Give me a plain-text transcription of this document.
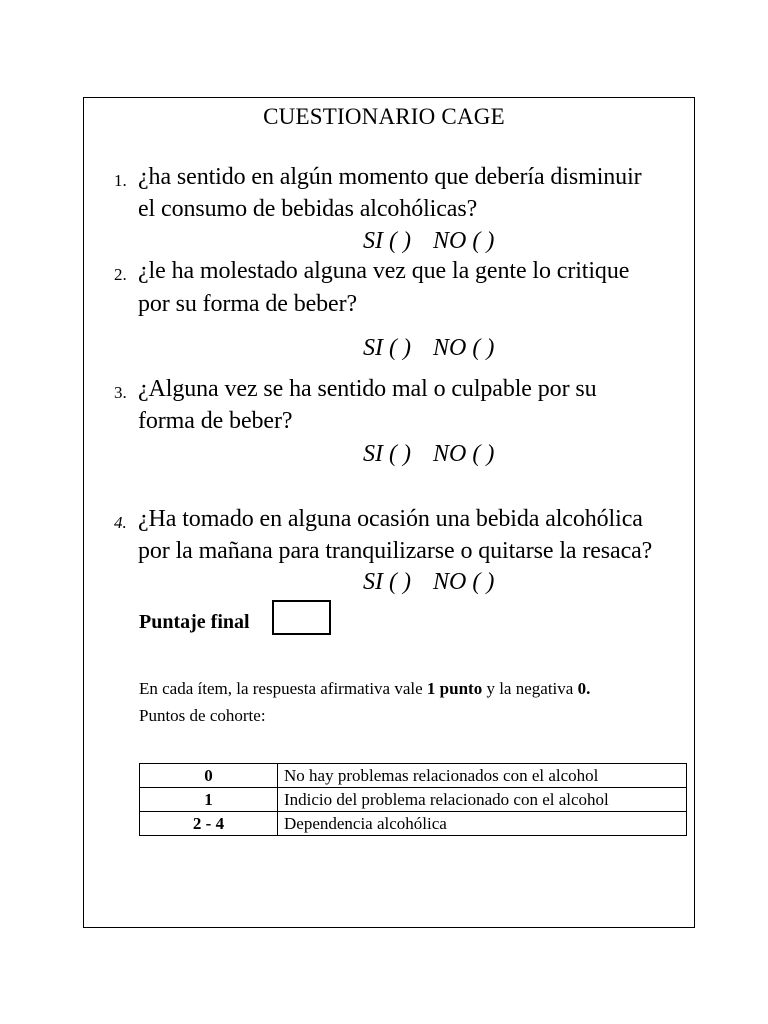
CUESTIONARIO CAGE
1. ¿ha sentido en algún momento que debería disminuir
el consumo de bebidas alcohólicas?
SI ( ) NO ( )
2. ¿le ha molestado alguna vez que la gente lo critique
por su forma de beber?
SI ( ) NO ( )
3. ¿Alguna vez se ha sentido mal o culpable por su
forma de beber?
SI ( ) NO ( )
4. ¿Ha tomado en alguna ocasión una bebida alcohólica
por la mañana para tranquilizarse o quitarse la resaca?
SI ( ) NO ( )
Puntaje final
En cada ítem, la respuesta afirmativa vale 1 punto y la negativa 0.
Puntos de cohorte:
0	No hay problemas relacionados con el alcohol
1	Indicio del problema relacionado con el alcohol
2 - 4	Dependencia alcohólica
